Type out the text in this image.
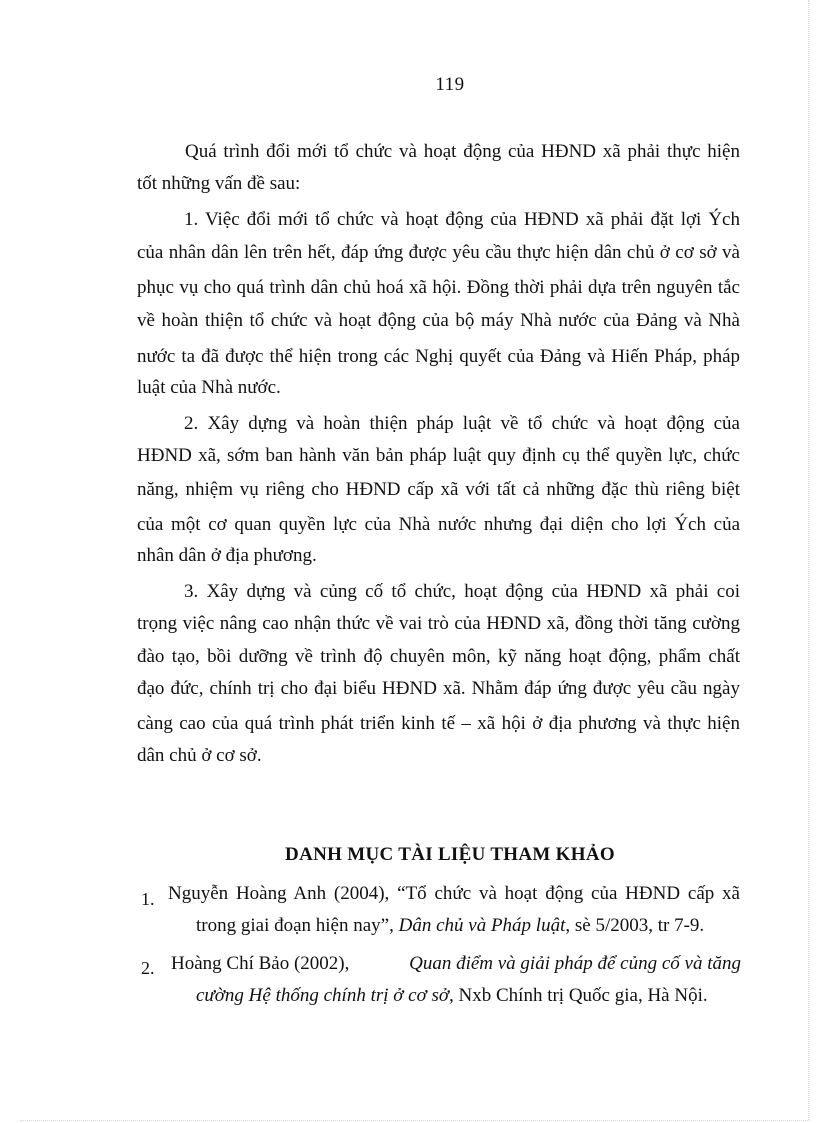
119
Quá trình đổi mới tổ chức và hoạt động của HĐND xã phải thực hiện
tốt những vấn đề sau:
1. Việc đổi mới tổ chức và hoạt động của HĐND xã phải đặt lợi Ých
của nhân dân lên trên hết, đáp ứng được yêu cầu thực hiện dân chủ ở cơ sở và
phục vụ cho quá trình dân chủ hoá xã hội. Đồng thời phải dựa trên nguyên tắc
về hoàn thiện tổ chức và hoạt động của bộ máy Nhà nước của Đảng và Nhà
nước ta đã được thể hiện trong các Nghị quyết của Đảng và Hiến Pháp, pháp
luật của Nhà nước.
2. Xây dựng và hoàn thiện pháp luật về tổ chức và hoạt động của
HĐND xã, sớm ban hành văn bản pháp luật quy định cụ thể quyền lực, chức
năng, nhiệm vụ riêng cho HĐND cấp xã với tất cả những đặc thù riêng biệt
của một cơ quan quyền lực của Nhà nước nhưng đại diện cho lợi Ých của
nhân dân ở địa phương.
3. Xây dựng và củng cố tổ chức, hoạt động của HĐND xã phải coi
trọng việc nâng cao nhận thức về vai trò của HĐND xã, đồng thời tăng cường
đào tạo, bồi dưỡng về trình độ chuyên môn, kỹ năng hoạt động, phẩm chất
đạo đức, chính trị cho đại biểu HĐND xã. Nhằm đáp ứng được yêu cầu ngày
càng cao của quá trình phát triển kinh tế – xã hội ở địa phương và thực hiện
dân chủ ở cơ sở.
DANH MỤC TÀI LIỆU THAM KHẢO
1. Nguyễn Hoàng Anh (2004), “Tổ chức và hoạt động của HĐND cấp xã
trong giai đoạn hiện nay”, Dân chủ và Pháp luật, sè 5/2003, tr 7-9.
2. Hoàng Chí Bảo (2002),	Quan điểm và giải pháp để củng cố và tăng
cường Hệ thống chính trị ở cơ sở, Nxb Chính trị Quốc gia, Hà Nội.
